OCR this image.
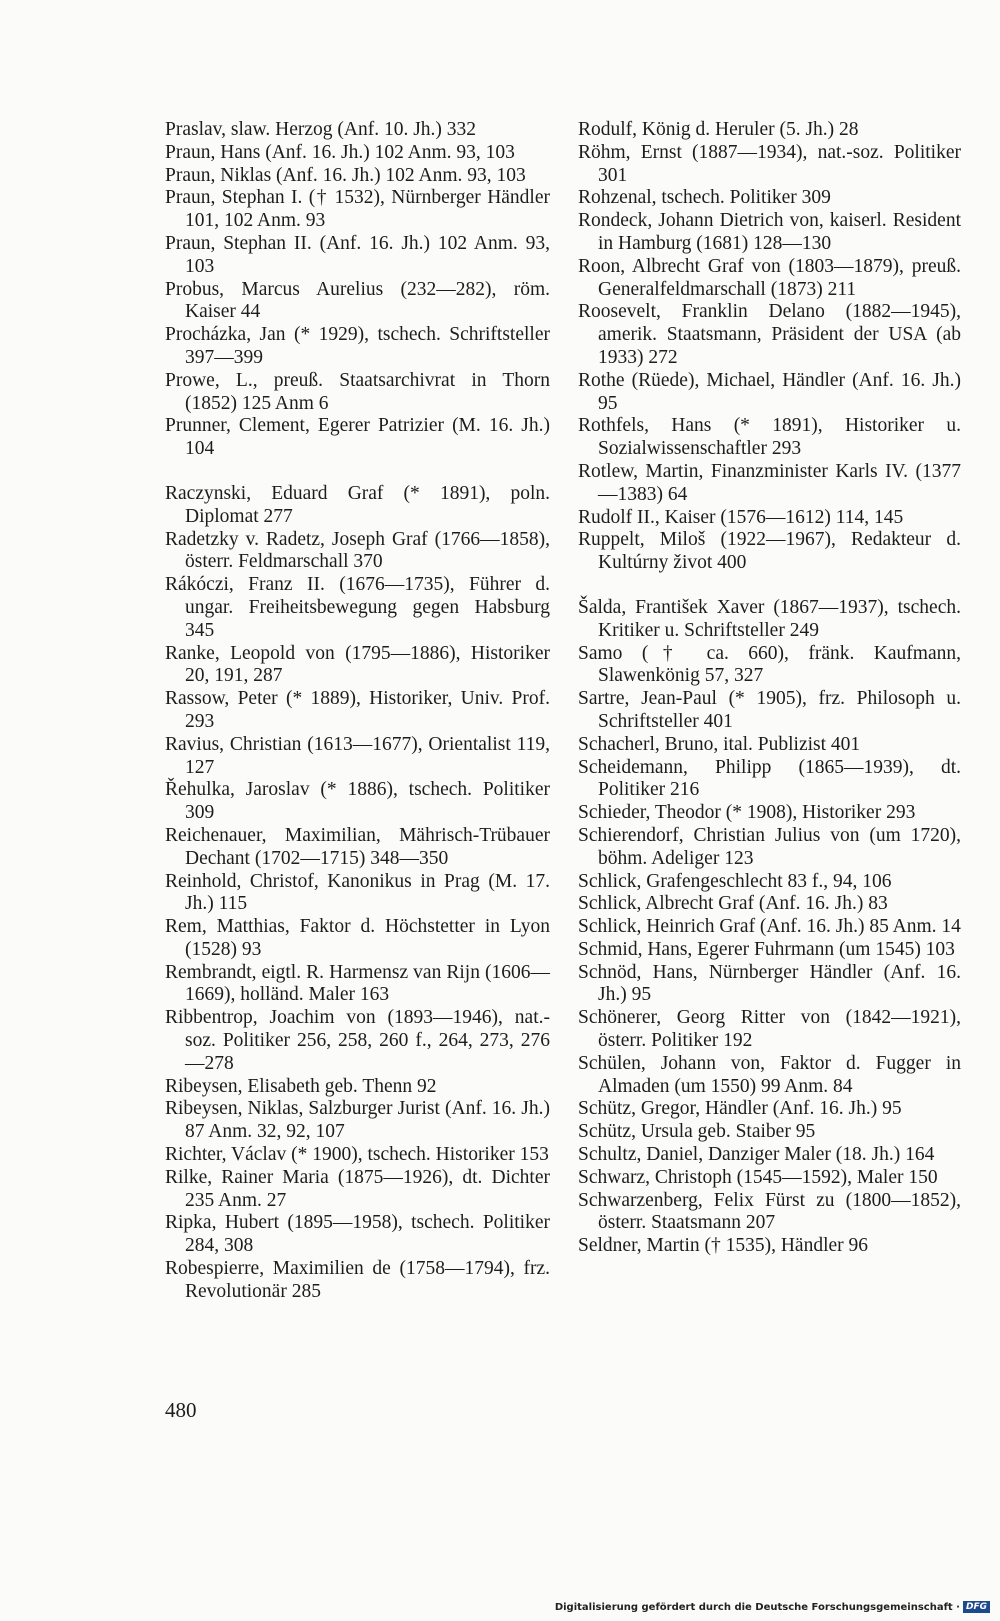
Praslav, slaw. Herzog (Anf. 10. Jh.) 332

Praun, Hans (Anf. 16. Jh.) 102 Anm. 93, 103

Praun, Niklas (Anf. 16. Jh.) 102 Anm. 93, 103

Praun, Stephan I. († 1532), Nürnberger Händler 101, 102 Anm. 93

Praun, Stephan II. (Anf. 16. Jh.) 102 Anm. 93, 103

Probus, Marcus Aurelius (232—282), röm. Kaiser 44

Procházka, Jan (* 1929), tschech. Schriftsteller 397—399

Prowe, L., preuß. Staatsarchivrat in Thorn (1852) 125 Anm 6

Prunner, Clement, Egerer Patrizier (M. 16. Jh.) 104

Raczynski, Eduard Graf (* 1891), poln. Diplomat 277

Radetzky v. Radetz, Joseph Graf (1766—1858), österr. Feldmarschall 370

Rákóczi, Franz II. (1676—1735), Führer d. ungar. Freiheitsbewegung gegen Habsburg 345

Ranke, Leopold von (1795—1886), Historiker 20, 191, 287

Rassow, Peter (* 1889), Historiker, Univ. Prof. 293

Ravius, Christian (1613—1677), Orientalist 119, 127

Řehulka, Jaroslav (* 1886), tschech. Politiker 309

Reichenauer, Maximilian, Mährisch-Trübauer Dechant (1702—1715) 348—350

Reinhold, Christof, Kanonikus in Prag (M. 17. Jh.) 115

Rem, Matthias, Faktor d. Höchstetter in Lyon (1528) 93

Rembrandt, eigtl. R. Harmensz van Rijn (1606—1669), holländ. Maler 163

Ribbentrop, Joachim von (1893—1946), nat.-soz. Politiker 256, 258, 260 f., 264, 273, 276—278

Ribeysen, Elisabeth geb. Thenn 92

Ribeysen, Niklas, Salzburger Jurist (Anf. 16. Jh.) 87 Anm. 32, 92, 107

Richter, Václav (* 1900), tschech. Historiker 153

Rilke, Rainer Maria (1875—1926), dt. Dichter 235 Anm. 27

Ripka, Hubert (1895—1958), tschech. Politiker 284, 308

Robespierre, Maximilien de (1758—1794), frz. Revolutionär 285

Rodulf, König d. Heruler (5. Jh.) 28

Röhm, Ernst (1887—1934), nat.-soz. Politiker 301

Rohzenal, tschech. Politiker 309

Rondeck, Johann Dietrich von, kaiserl. Resident in Hamburg (1681) 128—130

Roon, Albrecht Graf von (1803—1879), preuß. Generalfeldmarschall (1873) 211

Roosevelt, Franklin Delano (1882—1945), amerik. Staatsmann, Präsident der USA (ab 1933) 272

Rothe (Rüede), Michael, Händler (Anf. 16. Jh.) 95

Rothfels, Hans (* 1891), Historiker u. Sozialwissenschaftler 293

Rotlew, Martin, Finanzminister Karls IV. (1377—1383) 64

Rudolf II., Kaiser (1576—1612) 114, 145

Ruppelt, Miloš (1922—1967), Redakteur d. Kultúrny život 400

Šalda, František Xaver (1867—1937), tschech. Kritiker u. Schriftsteller 249

Samo († ca. 660), fränk. Kaufmann, Slawenkönig 57, 327

Sartre, Jean-Paul (* 1905), frz. Philosoph u. Schriftsteller 401

Schacherl, Bruno, ital. Publizist 401

Scheidemann, Philipp (1865—1939), dt. Politiker 216

Schieder, Theodor (* 1908), Historiker 293

Schierendorf, Christian Julius von (um 1720), böhm. Adeliger 123

Schlick, Grafengeschlecht 83 f., 94, 106

Schlick, Albrecht Graf (Anf. 16. Jh.) 83

Schlick, Heinrich Graf (Anf. 16. Jh.) 85 Anm. 14

Schmid, Hans, Egerer Fuhrmann (um 1545) 103

Schnöd, Hans, Nürnberger Händler (Anf. 16. Jh.) 95

Schönerer, Georg Ritter von (1842—1921), österr. Politiker 192

Schülen, Johann von, Faktor d. Fugger in Almaden (um 1550) 99 Anm. 84

Schütz, Gregor, Händler (Anf. 16. Jh.) 95

Schütz, Ursula geb. Staiber 95

Schultz, Daniel, Danziger Maler (18. Jh.) 164

Schwarz, Christoph (1545—1592), Maler 150

Schwarzenberg, Felix Fürst zu (1800—1852), österr. Staatsmann 207

Seldner, Martin († 1535), Händler 96

480
Digitalisierung gefördert durch die Deutsche Forschungsgemeinschaft · DFG
